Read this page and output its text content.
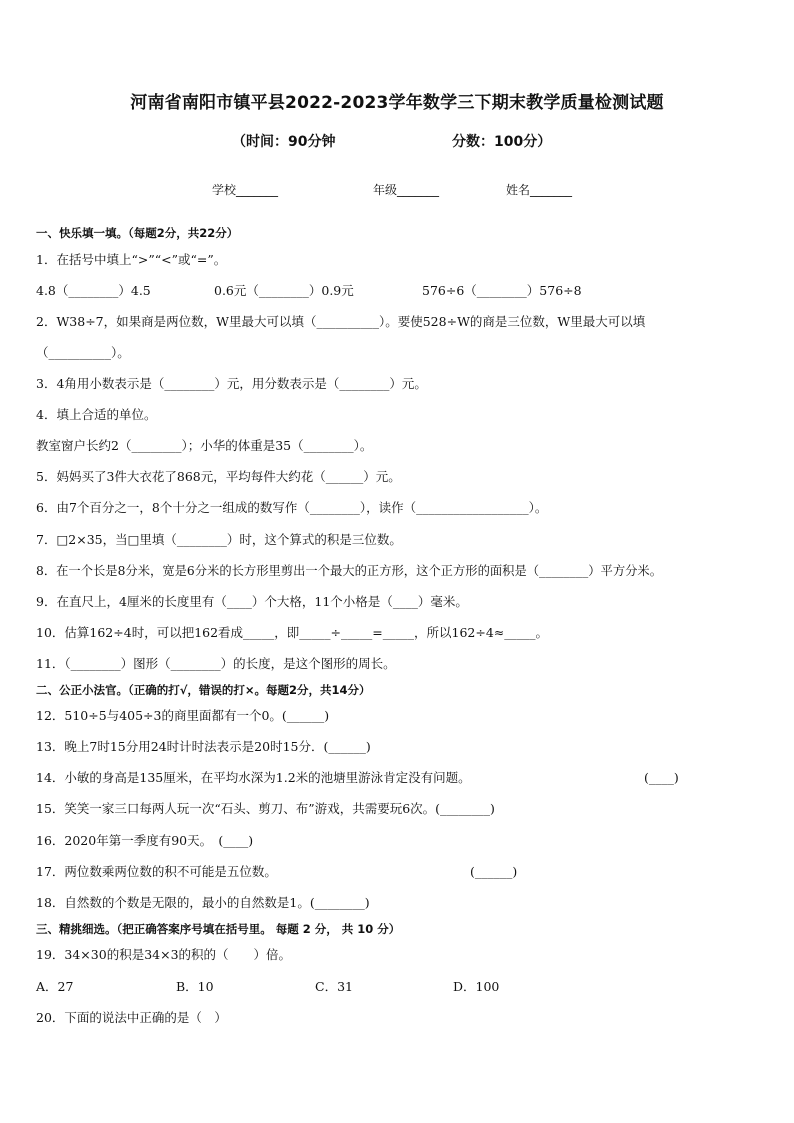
河南省南阳市镇平县2022-2023学年数学三下期末教学质量检测试题
（时间：90分钟	分数：100分）
学校_______	年级_______	姓名_______
一、快乐填一填。（每题2分，共22分）
1．在括号中填上“>”“<”或“=”。
4.8（________）4.5	0.6元（________）0.9元	576÷6（________）576÷8
2．W38÷7，如果商是两位数，W里最大可以填（__________）。要使528÷W的商是三位数，W里最大可以填
（__________）。
3．4角用小数表示是（________）元，用分数表示是（________）元。
4．填上合适的单位。
教室窗户长约2（________）；小华的体重是35（________）。
5．妈妈买了3件大衣花了868元，平均每件大约花（______）元。
6．由7个百分之一，8个十分之一组成的数写作（________），读作（__________________）。
7．□2×35，当□里填（________）时，这个算式的积是三位数。
8．在一个长是8分米，宽是6分米的长方形里剪出一个最大的正方形，这个正方形的面积是（________）平方分米。
9．在直尺上，4厘米的长度里有（____）个大格，11个小格是（____）毫米。
10．估算162÷4时，可以把162看成_____，即_____÷_____=_____，所以162÷4≈_____。
11．（________）图形（________）的长度，是这个图形的周长。
二、公正小法官。（正确的打√，错误的打×。每题2分，共14分）
12．510÷5与405÷3的商里面都有一个0。(______)
13．晚上7时15分用24时计时法表示是20时15分．(______)
14．小敏的身高是135厘米，在平均水深为1.2米的池塘里游泳肯定没有问题。	(____)
15．笑笑一家三口每两人玩一次“石头、剪刀、布”游戏，共需要玩6次。(________)
16．2020年第一季度有90天。　(____)
17．两位数乘两位数的积不可能是五位数。	(______)
18．自然数的个数是无限的，最小的自然数是1。(________)
三、精挑细选。（把正确答案序号填在括号里。 每题 2 分， 共 10 分）
19．34×30的积是34×3的积的（　　）倍。
A．27	B．10	C．31	D．100
20．下面的说法中正确的是（　）
